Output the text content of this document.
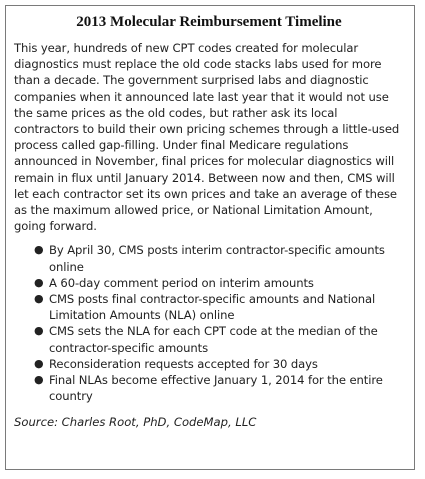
2013 Molecular Reimbursement Timeline

This year, hundreds of new CPT codes created for molecular diagnostics must replace the old code stacks labs used for more than a decade. The government surprised labs and diagnostic companies when it announced late last year that it would not use the same prices as the old codes, but rather ask its local contractors to build their own pricing schemes through a little-used process called gap-filling. Under final Medicare regulations announced in November, final prices for molecular diagnostics will remain in flux until January 2014. Between now and then, CMS will let each contractor set its own prices and take an average of these as the maximum allowed price, or National Limitation Amount, going forward.

● By April 30, CMS posts interim contractor-specific amounts online
● A 60-day comment period on interim amounts
● CMS posts final contractor-specific amounts and National Limitation Amounts (NLA) online
● CMS sets the NLA for each CPT code at the median of the contractor-specific amounts
● Reconsideration requests accepted for 30 days
● Final NLAs become effective January 1, 2014 for the entire country

Source: Charles Root, PhD, CodeMap, LLC
